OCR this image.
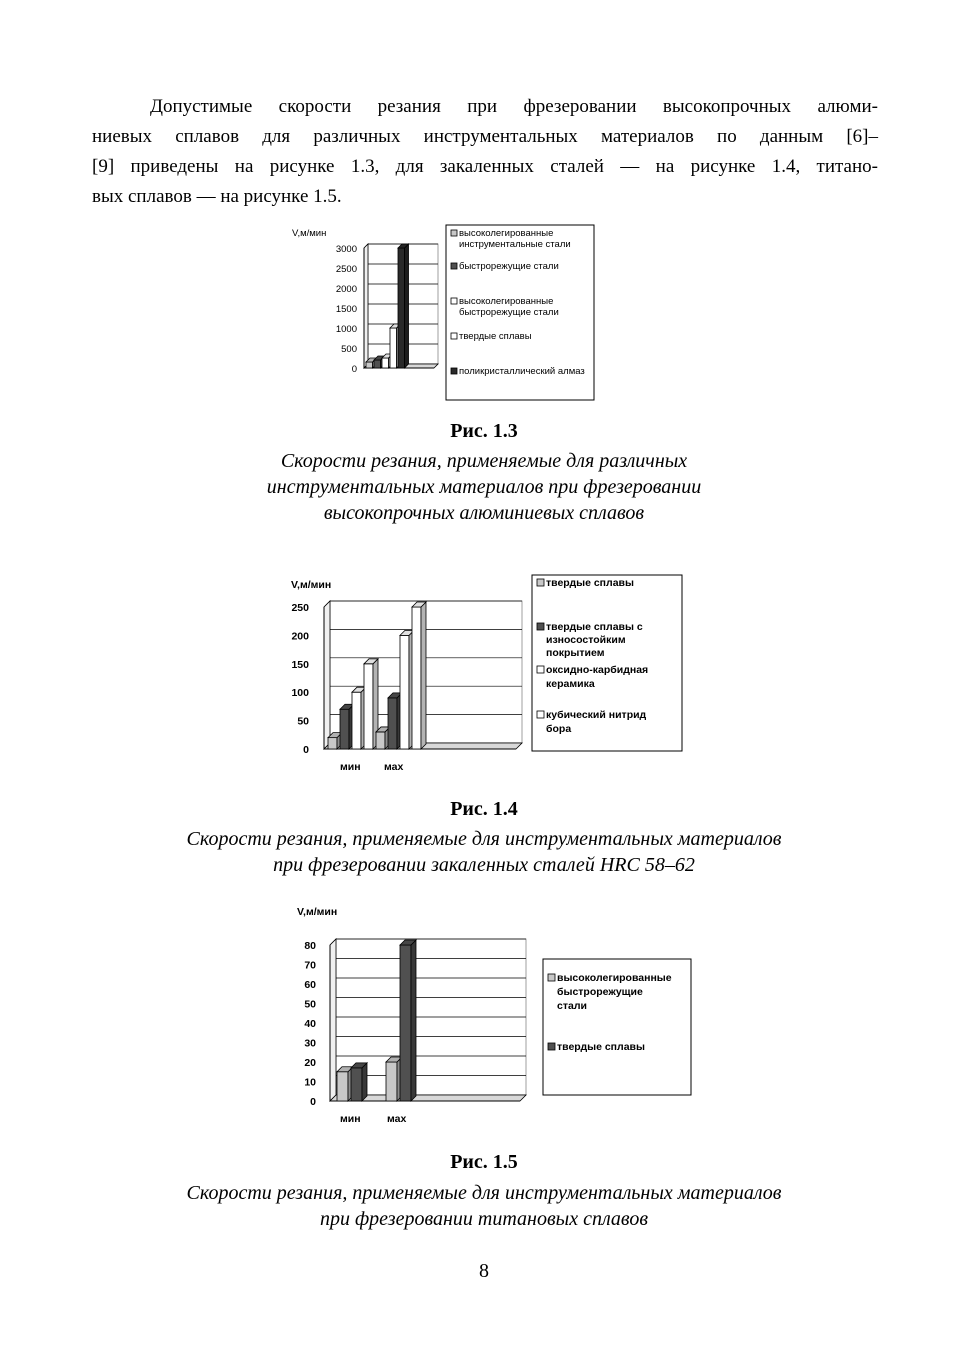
Допустимые скорости резания при фрезеровании высокопрочных алюми-
ниевых сплавов для различных инструментальных материалов по данным [6]–
[9] приведены на рисунке 1.3, для закаленных сталей — на рисунке 1.4, титано-
вых сплавов — на рисунке 1.5.
0
500
1000
1500
2000
2500
3000
V,м/мин	высоколегированные
инструментальные стали
быстрорежущие стали
высоколегированные
быстрорежущие стали
твердые сплавы
поликристаллический алмаз

Рис. 1.3

Скорости резания, применяемые для различных
инструментальных материалов при фрезеровании
высокопрочных алюминиевых сплавов

0
50
100
150
200
250
V,м/мин
мин мах
твердые сплавы
твердые сплавы с
износостойким
покрытием
оксидно-карбидная
керамика
кубический нитрид
бора

Рис. 1.4

Скорости резания, применяемые для инструментальных материалов
при фрезеровании закаленных сталей HRC 58–62

0
10
20
30
40
50
60
70
80
V,м/мин
мин	мах
высоколегированные
быстрорежущие
стали
твердые сплавы

Рис. 1.5

Скорости резания, применяемые для инструментальных материалов
при фрезеровании титановых сплавов

8
